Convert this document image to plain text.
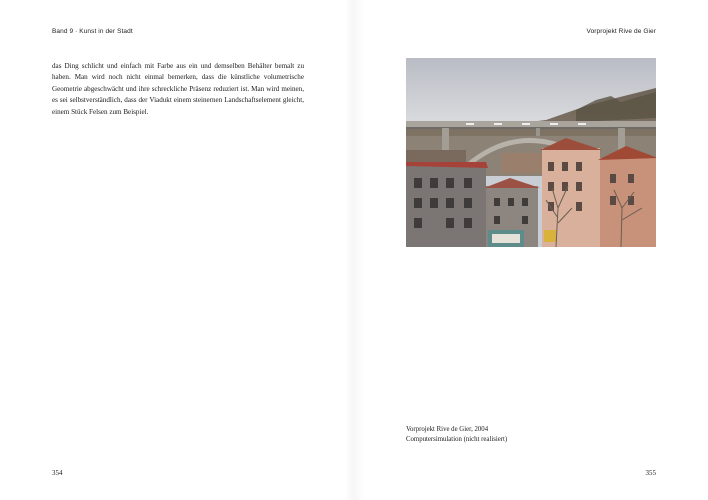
Band 9 · Kunst in der Stadt

das Ding schlicht und einfach mit Farbe aus ein und demselben Behälter bemalt zu haben. Man wird noch nicht einmal bemerken, dass die künstliche volumetrische Geometrie abgeschwächt und ihre schreckliche Präsenz reduziert ist. Man wird meinen, es sei selbstverständlich, dass der Viadukt einem steinernen Landschaftselement gleicht, einem Stück Felsen zum Beispiel.

354
Vorprojekt Rive de Gier
Vorprojekt Rive de Gier, 2004
Computersimulation (nicht realisiert)
355
